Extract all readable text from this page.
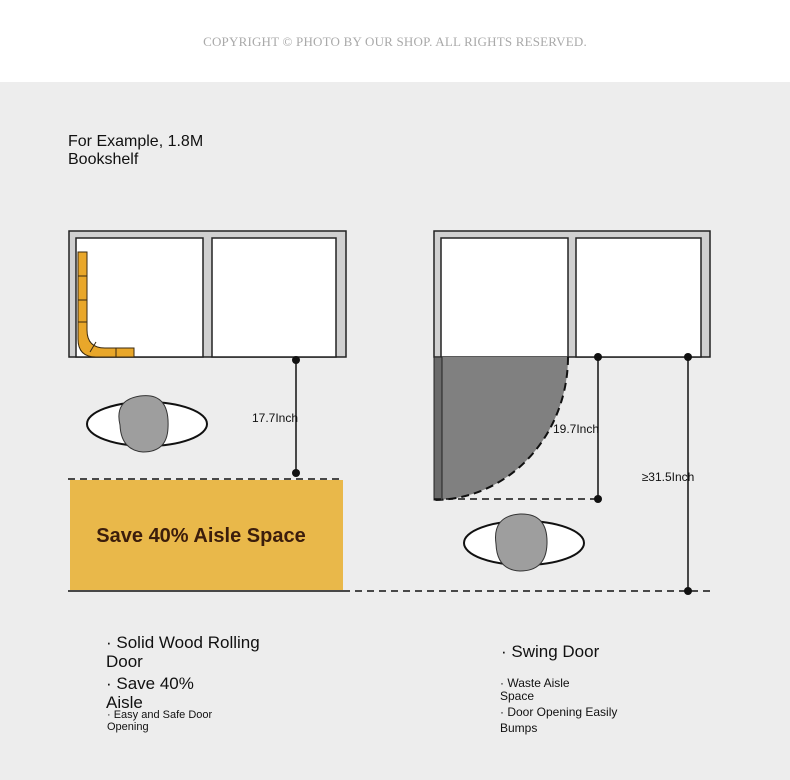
COPYRIGHT © PHOTO BY OUR SHOP. ALL RIGHTS RESERVED.
For Example, 1.8M Bookshelf
17.7Inch
Save 40% Aisle Space
19.7Inch
≥31.5Inch
· Solid Wood Rolling Door
· Save 40% Aisle
· Easy and Safe Door Opening
· Swing Door
· Waste Aisle Space
· Door Opening Easily Bumps
